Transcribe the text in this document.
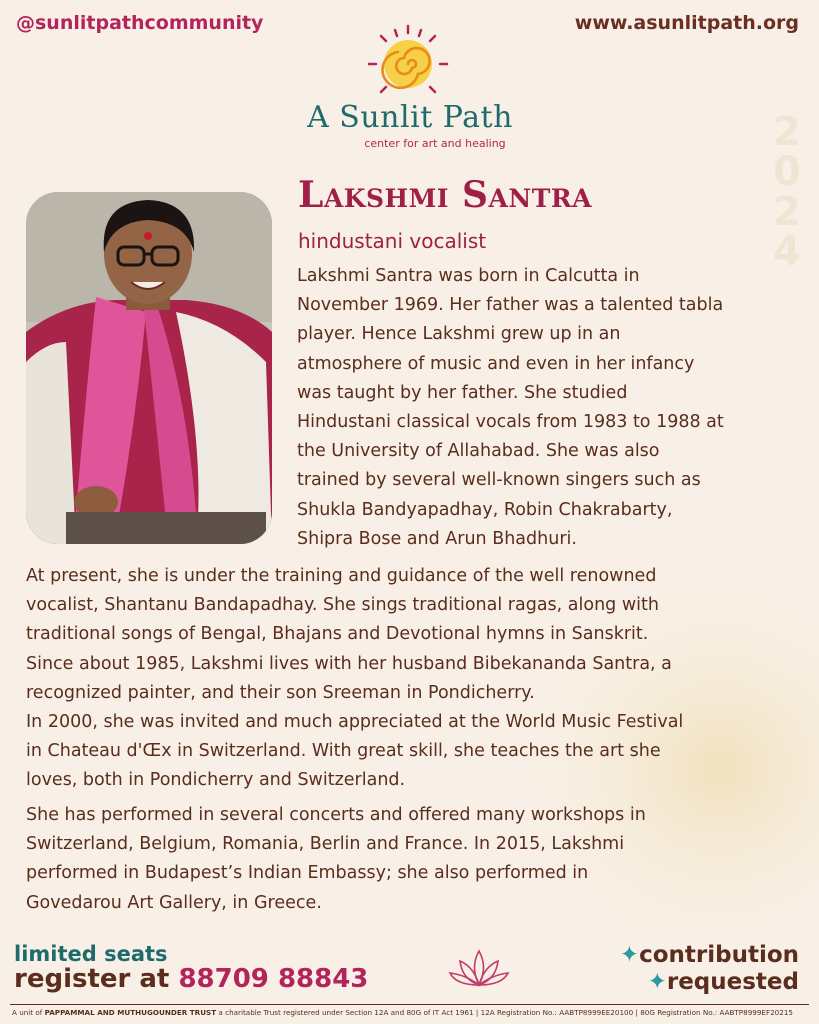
@sunlitpathcommunity	www.asunlitpath.org
A Sunlit Path
center for art and healing	2
0
2
4
Lakshmi Santra
hindustani vocalist
Lakshmi Santra was born in Calcutta in
November 1969. Her father was a talented tabla
player. Hence Lakshmi grew up in an
atmosphere of music and even in her infancy
was taught by her father. She studied
Hindustani classical vocals from 1983 to 1988 at
the University of Allahabad. She was also
trained by several well-known singers such as
Shukla Bandyapadhay, Robin Chakrabarty,
Shipra Bose and Arun Bhadhuri.
At present, she is under the training and guidance of the well renowned
vocalist, Shantanu Bandapadhay. She sings traditional ragas, along with
traditional songs of Bengal, Bhajans and Devotional hymns in Sanskrit.
Since about 1985, Lakshmi lives with her husband Bibekananda Santra, a
recognized painter, and their son Sreeman in Pondicherry.
In 2000, she was invited and much appreciated at the World Music Festival
in Chateau d'Œx in Switzerland. With great skill, she teaches the art she
loves, both in Pondicherry and Switzerland.
She has performed in several concerts and offered many workshops in
Switzerland, Belgium, Romania, Berlin and France. In 2015, Lakshmi
performed in Budapest’s Indian Embassy; she also performed in
Govedarou Art Gallery, in Greece.
limited seats
register at 88709 88843
✦contribution
✦requested
A unit of PAPPAMMAL AND MUTHUGOUNDER TRUST a charitable Trust registered under Section 12A and 80G of IT Act 1961 | 12A Registration No.: AABTP8999EE20100 | 80G Registration No.: AABTP8999EF20215
